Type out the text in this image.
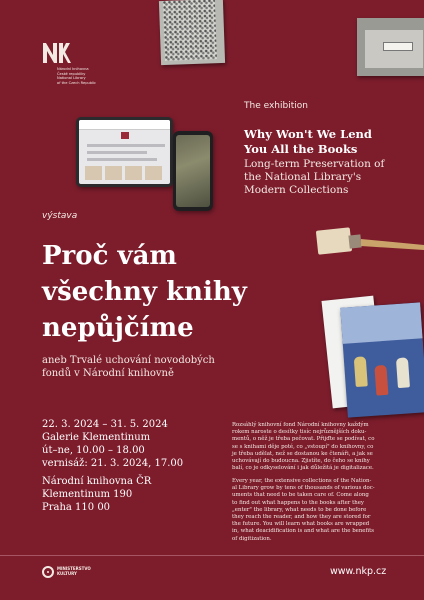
Národní knihovna
České republiky
National Library
of the Czech Republic
The exhibition
Why Won't We Lend
You All the Books
Long-term Preservation of
the National Library's
Modern Collections
výstava
Proč vám
všechny knihy
nepůjčíme
aneb Trvalé uchování novodobých
fondů v Národní knihovně
22. 3. 2024 – 31. 5. 2024
Galerie Klementinum
út–ne, 10.00 – 18.00
vernisáž: 21. 3. 2024, 17.00
Národní knihovna ČR
Klementinum 190
Praha 110 00
Rozsáhlý knihovní fond Národní knihovny každým
rokem naroste o desítky tisíc nejrůznějších doku-
mentů, o něž je třeba pečovat. Přijďte se podívat, co
se s knihami děje poté, co „vstoupí" do knihovny, co
je třeba udělat, než se dostanou ke čtenáři, a jak se
uchovávají do budoucna. Zjistíte, do čeho se knihy
balí, co je odkyselování i jak důležitá je digitalizace.
Every year, the extensive collections of the Nation-
al Library grow by tens of thousands of various doc-
uments that need to be taken care of. Come along
to find out what happens to the books after they
„enter" the library, what needs to be done before
they reach the reader, and how they are stored for
the future. You will learn what books are wrapped
in, what deacidification is and what are the benefits
of digitization.
MINISTERSTVO
KULTURY	www.nkp.cz
